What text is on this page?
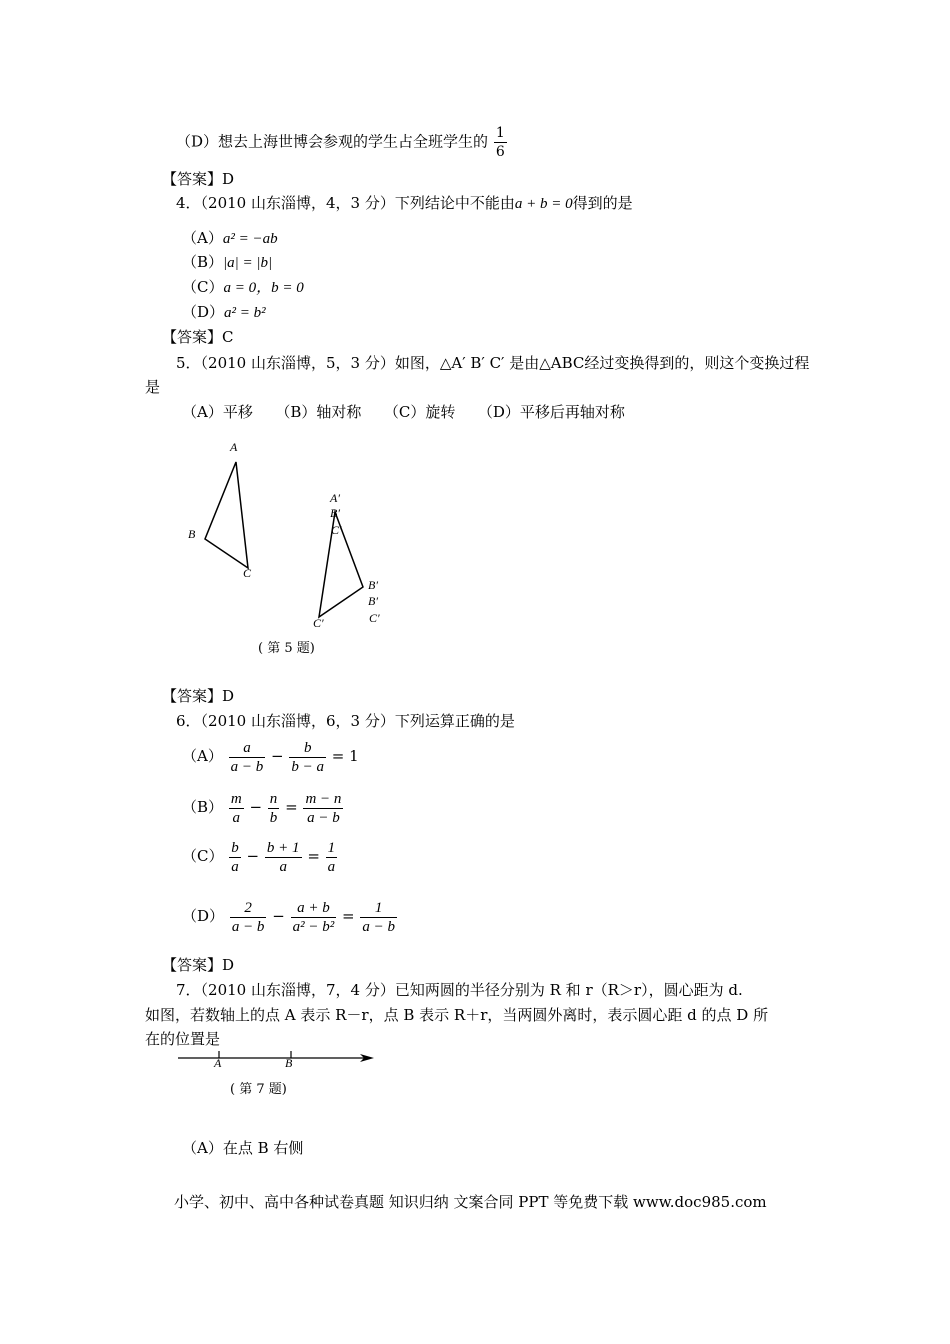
（D）想去上海世博会参观的学生占全班学生的 $\frac{1}{6}$
【答案】D
4．（2010 山东淄博，4，3 分）下列结论中不能由a + b = 0得到的是
（A）a² = −ab
（B）|a| = |b|
（C）a = 0，b = 0
（D）a² = b²
【答案】C
5．（2010 山东淄博，5，3 分）如图，△A′ B′ C′ 是由△ABC经过变换得到的，则这个变换过程
是
（A）平移　　（B）轴对称　　（C）旋转　　（D）平移后再轴对称
A
B
C
A′
B′
C′
B′
B′
C′
C′
( 第 5 题)
【答案】D
6．（2010 山东淄博，6，3 分）下列运算正确的是
$(A) \frac{a}{a - b} - \frac{b}{b - a} = 1$
$(B) \frac{m}{a} - \frac{n}{b} = \frac{m - n}{a - b}$
$(C) \frac{b}{a} - \frac{b + 1}{a} = \frac{1}{a}$
$(D) \frac{2}{a - b} - \frac{a + b}{\text{a² − b²}} = \frac{1}{a - b}$
【答案】D
7．（2010 山东淄博，7，4 分）已知两圆的半径分别为 R 和 r（R＞r），圆心距为 d.
如图，若数轴上的点 A 表示 R－r，点 B 表示 R＋r，当两圆外离时，表示圆心距 d 的点 D 所
在的位置是
A	B
( 第 7 题)
（A）在点 B 右侧
小学、初中、高中各种试卷真题 知识归纳 文案合同 PPT 等免费下载 www.doc985.com
